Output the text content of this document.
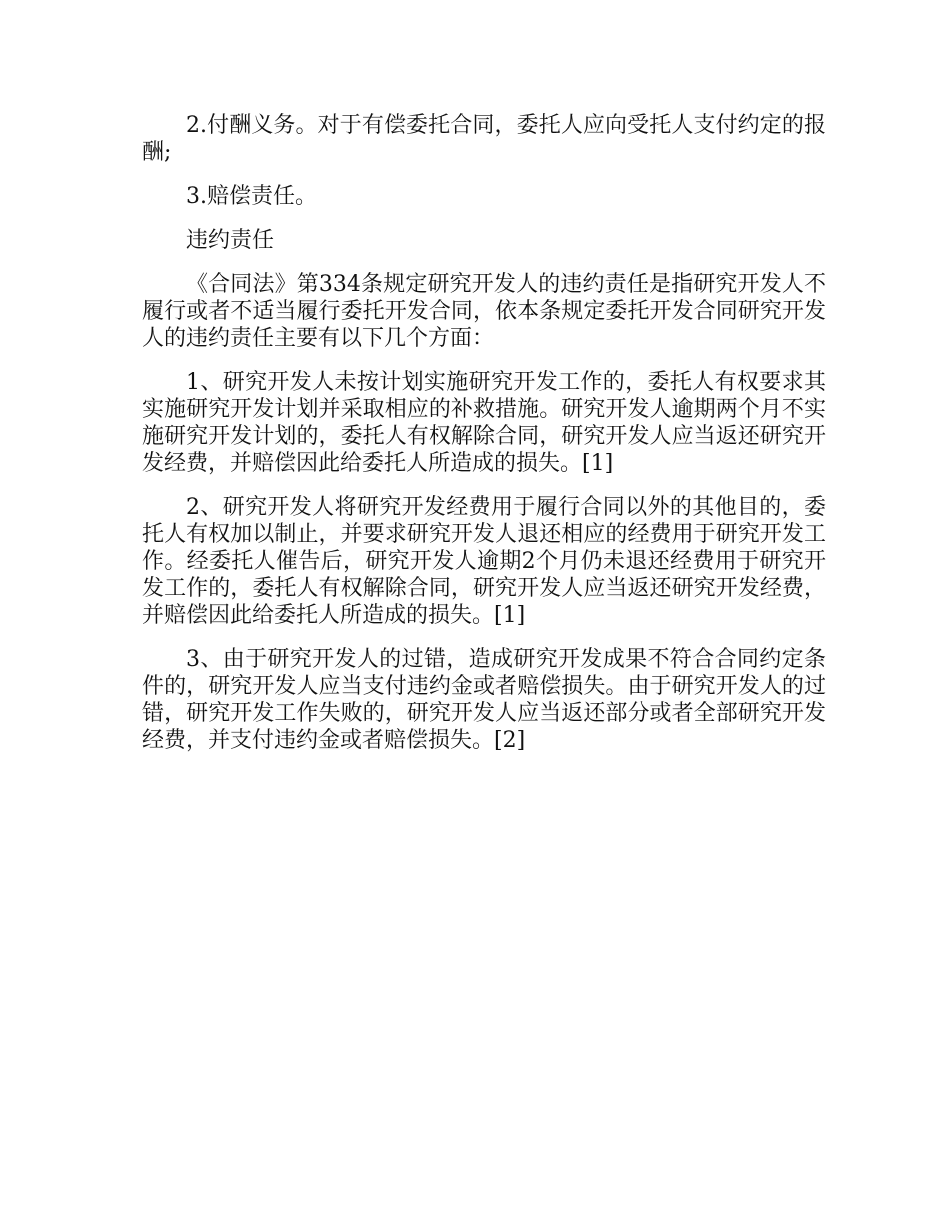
2.付酬义务。对于有偿委托合同，委托人应向受托人支付约定的报酬;

3.赔偿责任。

违约责任

《合同法》第334条规定研究开发人的违约责任是指研究开发人不履行或者不适当履行委托开发合同，依本条规定委托开发合同研究开发人的违约责任主要有以下几个方面：

1、研究开发人未按计划实施研究开发工作的，委托人有权要求其实施研究开发计划并采取相应的补救措施。研究开发人逾期两个月不实施研究开发计划的，委托人有权解除合同，研究开发人应当返还研究开发经费，并赔偿因此给委托人所造成的损失。[1]

2、研究开发人将研究开发经费用于履行合同以外的其他目的，委托人有权加以制止，并要求研究开发人退还相应的经费用于研究开发工作。经委托人催告后，研究开发人逾期2个月仍未退还经费用于研究开发工作的，委托人有权解除合同，研究开发人应当返还研究开发经费，并赔偿因此给委托人所造成的损失。[1]

3、由于研究开发人的过错，造成研究开发成果不符合合同约定条件的，研究开发人应当支付违约金或者赔偿损失。由于研究开发人的过错，研究开发工作失败的，研究开发人应当返还部分或者全部研究开发经费，并支付违约金或者赔偿损失。[2]
